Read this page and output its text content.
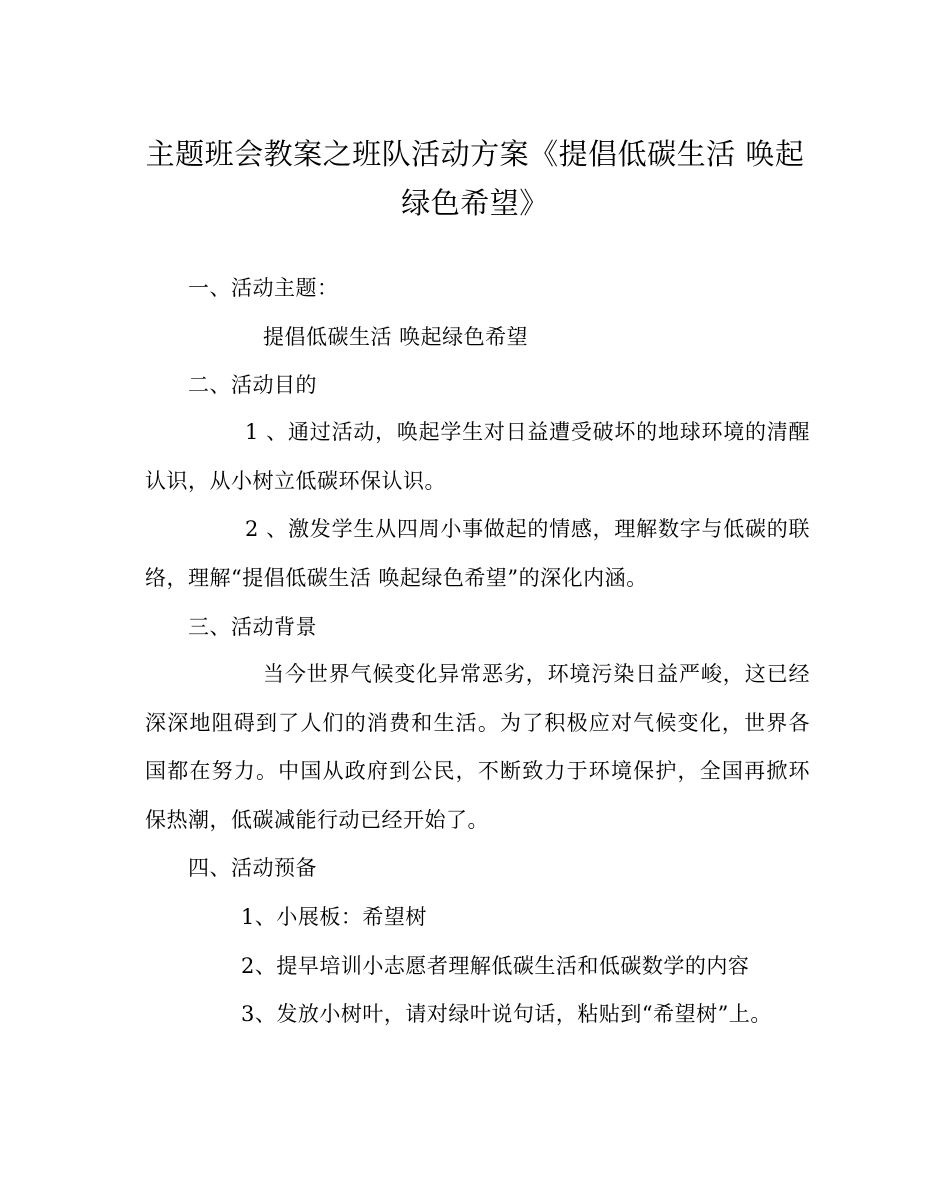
主题班会教案之班队活动方案《提倡低碳生活 唤起绿色希望》
一、活动主题：
提倡低碳生活 唤起绿色希望
二、活动目的
1 、通过活动，唤起学生对日益遭受破坏的地球环境的清醒认识，从小树立低碳环保认识。
2 、激发学生从四周小事做起的情感，理解数字与低碳的联络，理解“提倡低碳生活 唤起绿色希望”的深化内涵。
三、活动背景
当今世界气候变化异常恶劣，环境污染日益严峻，这已经深深地阻碍到了人们的消费和生活。为了积极应对气候变化，世界各国都在努力。中国从政府到公民，不断致力于环境保护，全国再掀环保热潮，低碳减能行动已经开始了。
四、活动预备
1、小展板：希望树
2、提早培训小志愿者理解低碳生活和低碳数学的内容
3、发放小树叶，请对绿叶说句话，粘贴到“希望树”上。
